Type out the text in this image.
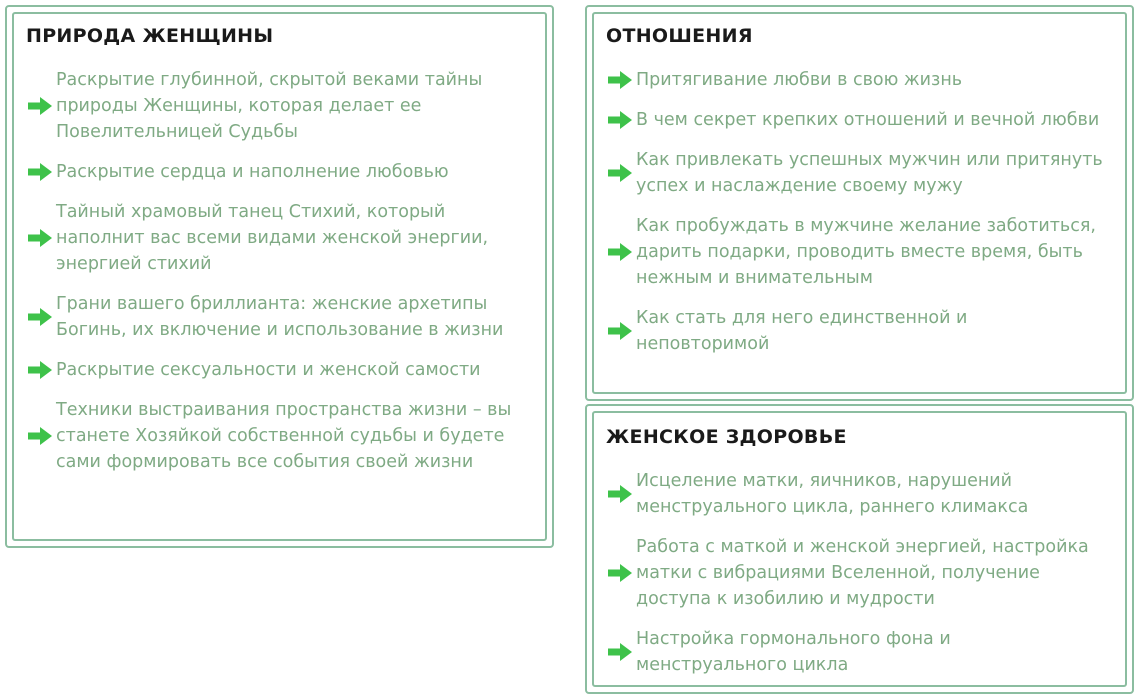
ПРИРОДА ЖЕНЩИНЫ
Раскрытие глубинной, скрытой веками тайны природы Женщины, которая делает ее Повелительницей Судьбы
Раскрытие сердца и наполнение любовью
Тайный храмовый танец Стихий, который наполнит вас всеми видами женской энергии, энергией стихий
Грани вашего бриллианта: женские архетипы Богинь, их включение и использование в жизни
Раскрытие сексуальности и женской самости
Техники выстраивания пространства жизни – вы станете Хозяйкой собственной судьбы и будете сами формировать все события своей жизни
ОТНОШЕНИЯ
Притягивание любви в свою жизнь
В чем секрет крепких отношений и вечной любви
Как привлекать успешных мужчин или притянуть успех и наслаждение своему мужу
Как пробуждать в мужчине желание заботиться, дарить подарки, проводить вместе время, быть нежным и внимательным
Как стать для него единственной и неповторимой
ЖЕНСКОЕ ЗДОРОВЬЕ
Исцеление матки, яичников, нарушений менструального цикла, раннего климакса
Работа с маткой и женской энергией, настройка матки с вибрациями Вселенной, получение доступа к изобилию и мудрости
Настройка гормонального фона и менструального цикла
